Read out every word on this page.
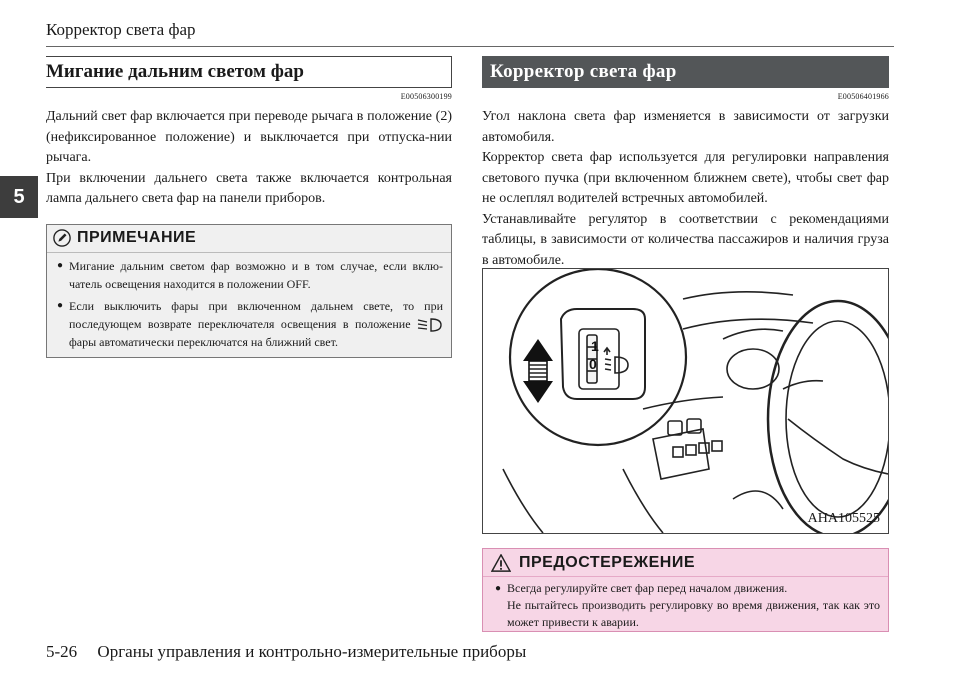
Корректор света фар
5
Мигание дальним светом фар
E00506300199

Дальний свет фар включается при переводе рычага в положение (2) (нефиксированное положение) и выключается при отпуска-нии рычага.

При включении дальнего света также включается контрольная лампа дальнего света фар на панели приборов.

ПРИМЕЧАНИЕ
● Мигание дальним светом фар возможно и в том случае, если вклю-чатель освещения находится в положении OFF.
● Если выключить фары при включенном дальнем свете, то при последующем возврате переключателя освещения в положение  фары автоматически переключатся на ближний свет.
Корректор света фар
E00506401966

Угол наклона света фар изменяется в зависимости от загрузки автомобиля.

Корректор света фар используется для регулировки направления светового пучка (при включенном ближнем свете), чтобы свет фар не ослеплял водителей встречных автомобилей.

Устанавливайте регулятор в соответствии с рекомендациями таблицы, в зависимости от количества пассажиров и наличия груза в автомобиле.

1
0
AHA105525
ПРЕДОСТЕРЕЖЕНИЕ
● Всегда регулируйте свет фар перед началом движения.
Не пытайтесь производить регулировку во время движения, так как это может привести к аварии.
5-26 Органы управления и контрольно-измерительные приборы
